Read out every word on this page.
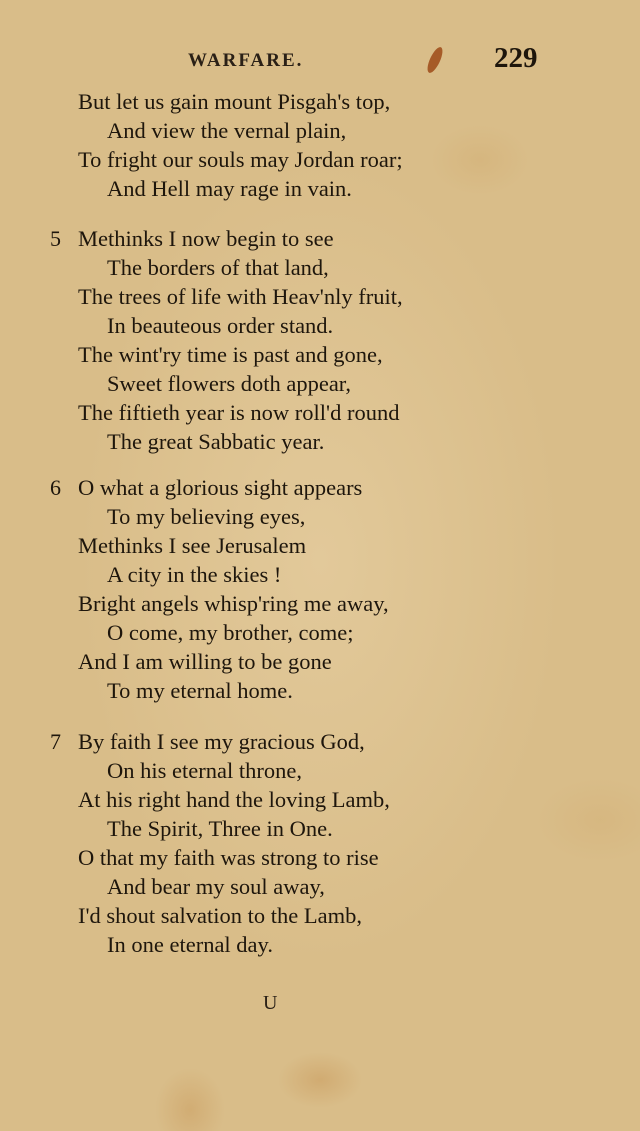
WARFARE.	229
But let us gain mount Pisgah's top,
And view the vernal plain,
To fright our souls may Jordan roar;
And Hell may rage in vain.
5 Methinks I now begin to see
The borders of that land,
The trees of life with Heav'nly fruit,
In beauteous order stand.
The wint'ry time is past and gone,
Sweet flowers doth appear,
The fiftieth year is now roll'd round
The great Sabbatic year.
6 O what a glorious sight appears
To my believing eyes,
Methinks I see Jerusalem
A city in the skies !
Bright angels whisp'ring me away,
O come, my brother, come;
And I am willing to be gone
To my eternal home.
7 By faith I see my gracious God,
On his eternal throne,
At his right hand the loving Lamb,
The Spirit, Three in One.
O that my faith was strong to rise
And bear my soul away,
I'd shout salvation to the Lamb,
In one eternal day.
U
